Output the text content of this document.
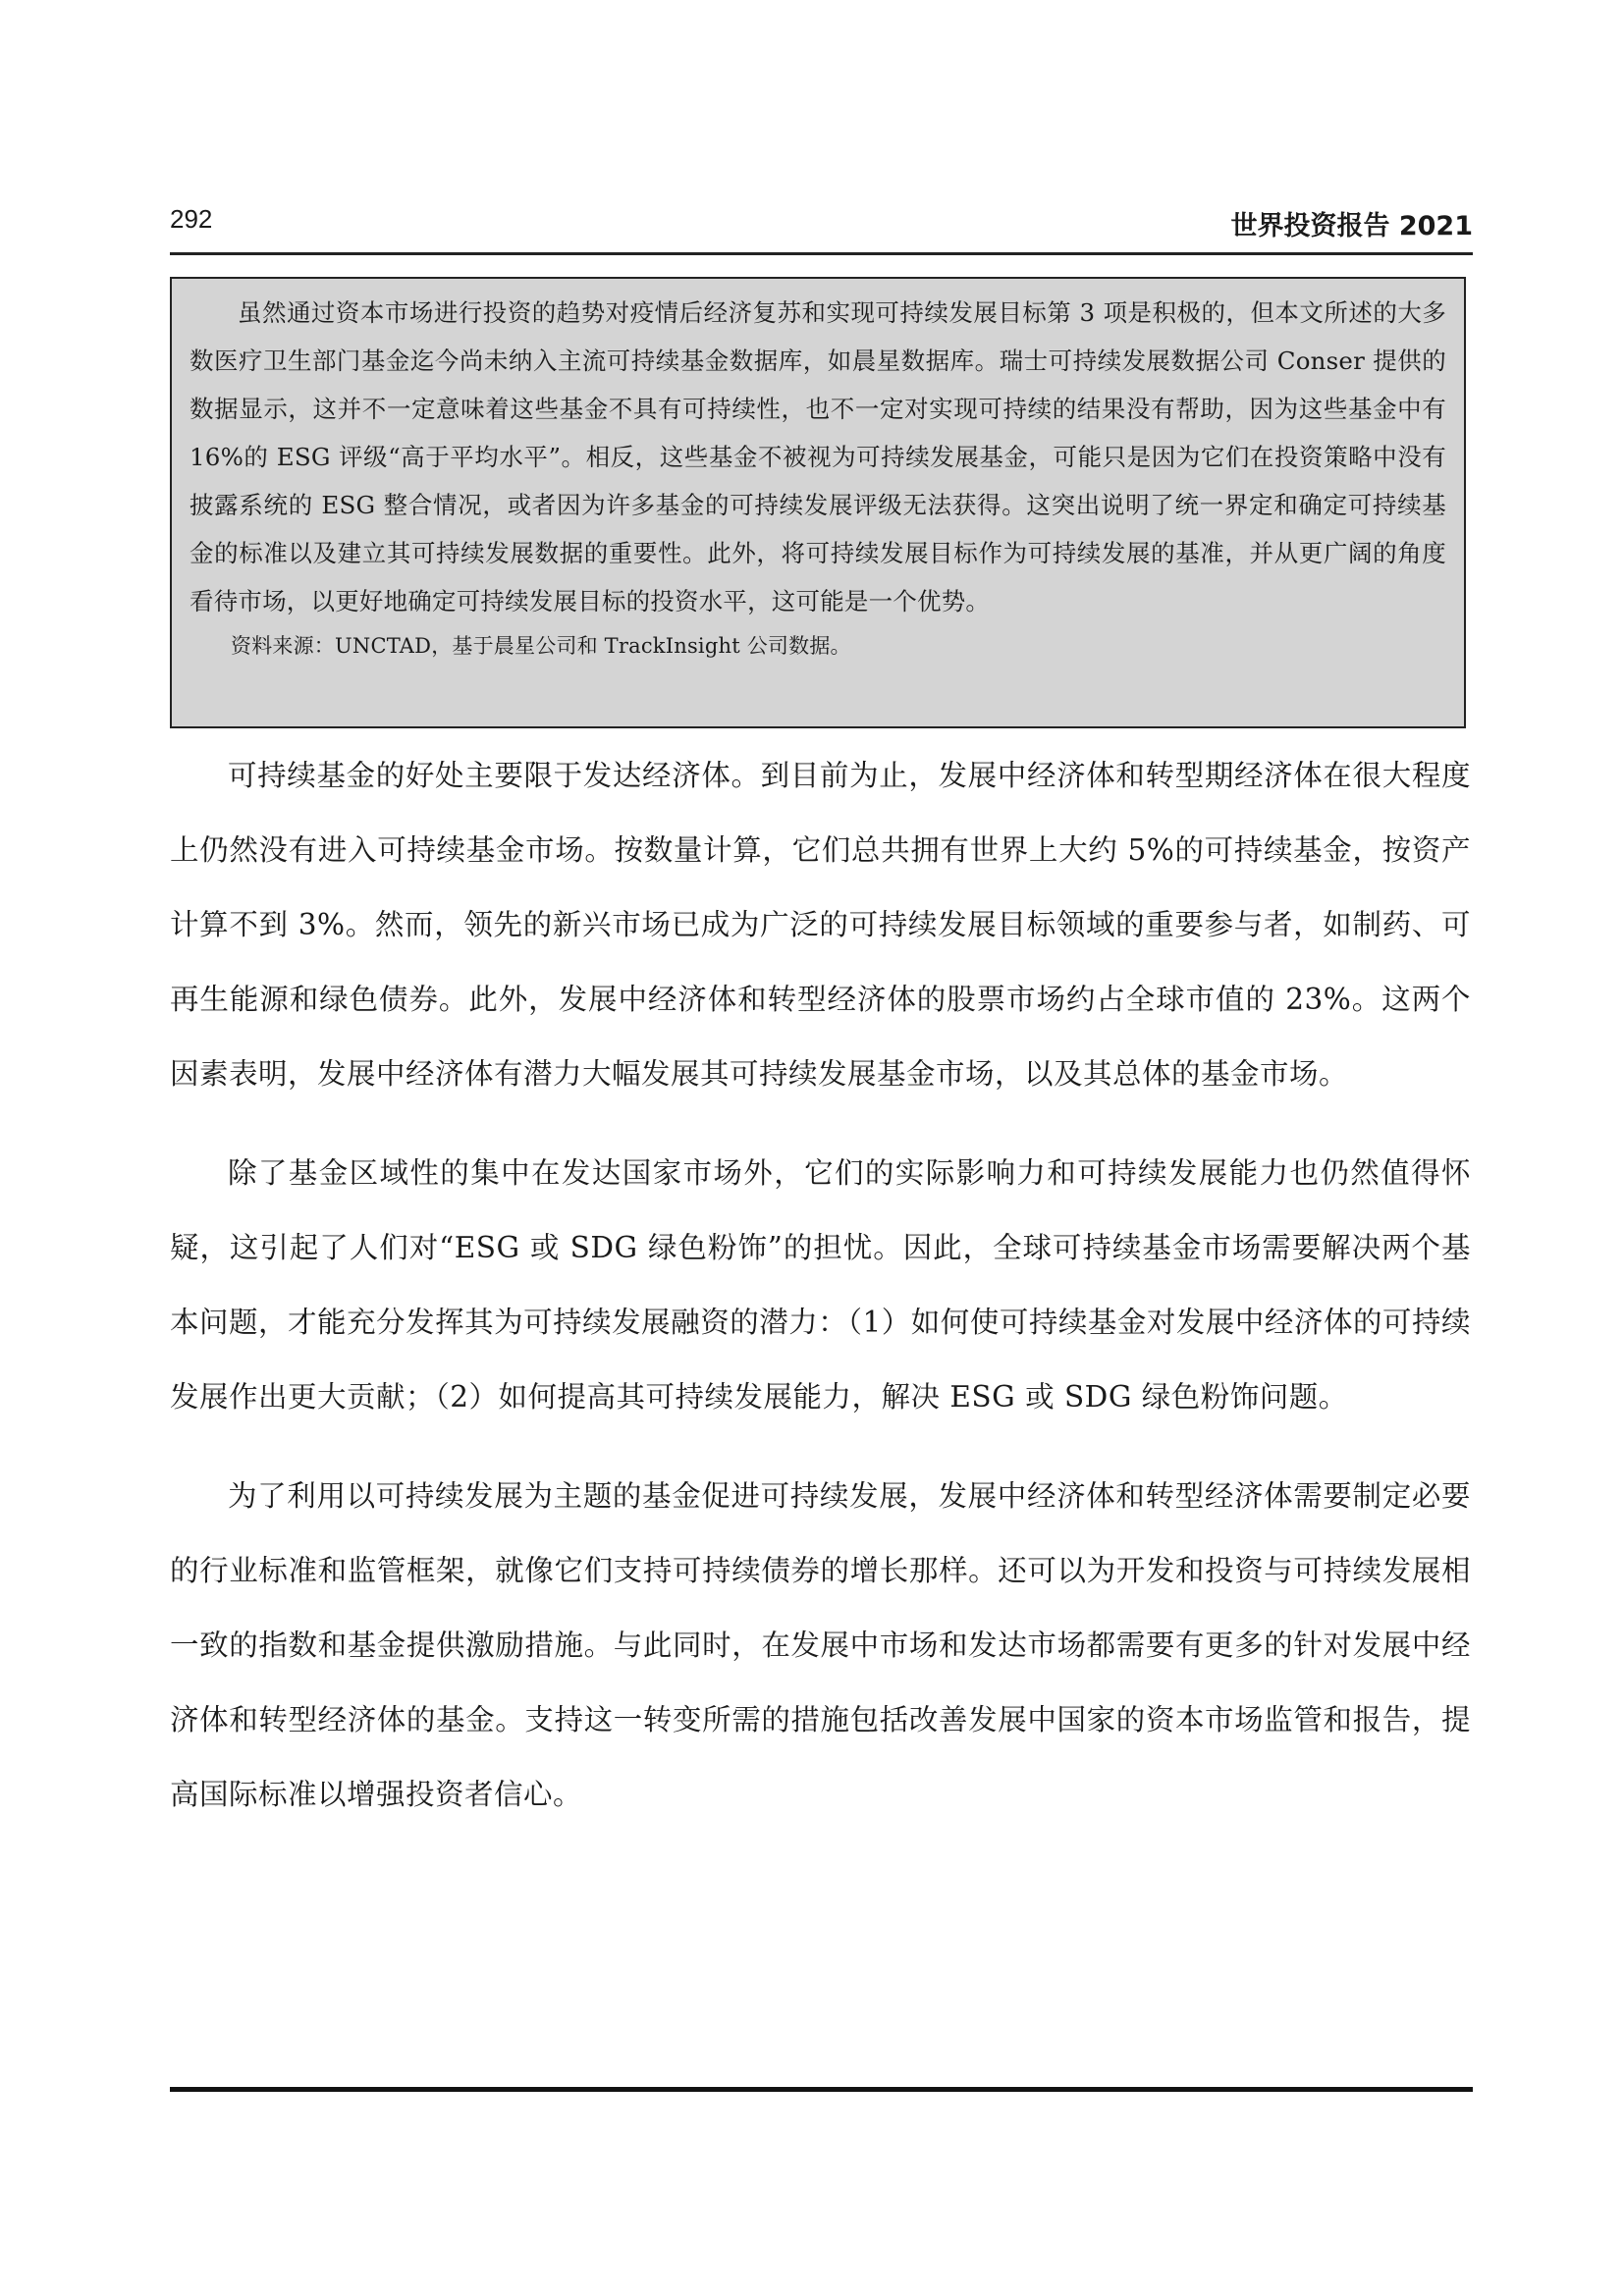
292	世界投资报告 2021

虽然通过资本市场进行投资的趋势对疫情后经济复苏和实现可持续发展目标第 3 项是积极的，但本文所述的大多数医疗卫生部门基金迄今尚未纳入主流可持续基金数据库，如晨星数据库。瑞士可持续发展数据公司 Conser 提供的数据显示，这并不一定意味着这些基金不具有可持续性，也不一定对实现可持续的结果没有帮助，因为这些基金中有 16%的 ESG 评级“高于平均水平”。相反，这些基金不被视为可持续发展基金，可能只是因为它们在投资策略中没有披露系统的 ESG 整合情况，或者因为许多基金的可持续发展评级无法获得。这突出说明了统一界定和确定可持续基金的标准以及建立其可持续发展数据的重要性。此外，将可持续发展目标作为可持续发展的基准，并从更广阔的角度看待市场，以更好地确定可持续发展目标的投资水平，这可能是一个优势。

资料来源：UNCTAD，基于晨星公司和 TrackInsight 公司数据。

可持续基金的好处主要限于发达经济体。到目前为止，发展中经济体和转型期经济体在很大程度上仍然没有进入可持续基金市场。按数量计算，它们总共拥有世界上大约 5%的可持续基金，按资产计算不到 3%。然而，领先的新兴市场已成为广泛的可持续发展目标领域的重要参与者，如制药、可再生能源和绿色债券。此外，发展中经济体和转型经济体的股票市场约占全球市值的 23%。这两个因素表明，发展中经济体有潜力大幅发展其可持续发展基金市场，以及其总体的基金市场。

除了基金区域性的集中在发达国家市场外，它们的实际影响力和可持续发展能力也仍然值得怀疑，这引起了人们对“ESG 或 SDG 绿色粉饰”的担忧。因此，全球可持续基金市场需要解决两个基本问题，才能充分发挥其为可持续发展融资的潜力：（1）如何使可持续基金对发展中经济体的可持续发展作出更大贡献；（2）如何提高其可持续发展能力，解决 ESG 或 SDG 绿色粉饰问题。

为了利用以可持续发展为主题的基金促进可持续发展，发展中经济体和转型经济体需要制定必要的行业标准和监管框架，就像它们支持可持续债券的增长那样。还可以为开发和投资与可持续发展相一致的指数和基金提供激励措施。与此同时，在发展中市场和发达市场都需要有更多的针对发展中经济体和转型经济体的基金。支持这一转变所需的措施包括改善发展中国家的资本市场监管和报告，提高国际标准以增强投资者信心。
